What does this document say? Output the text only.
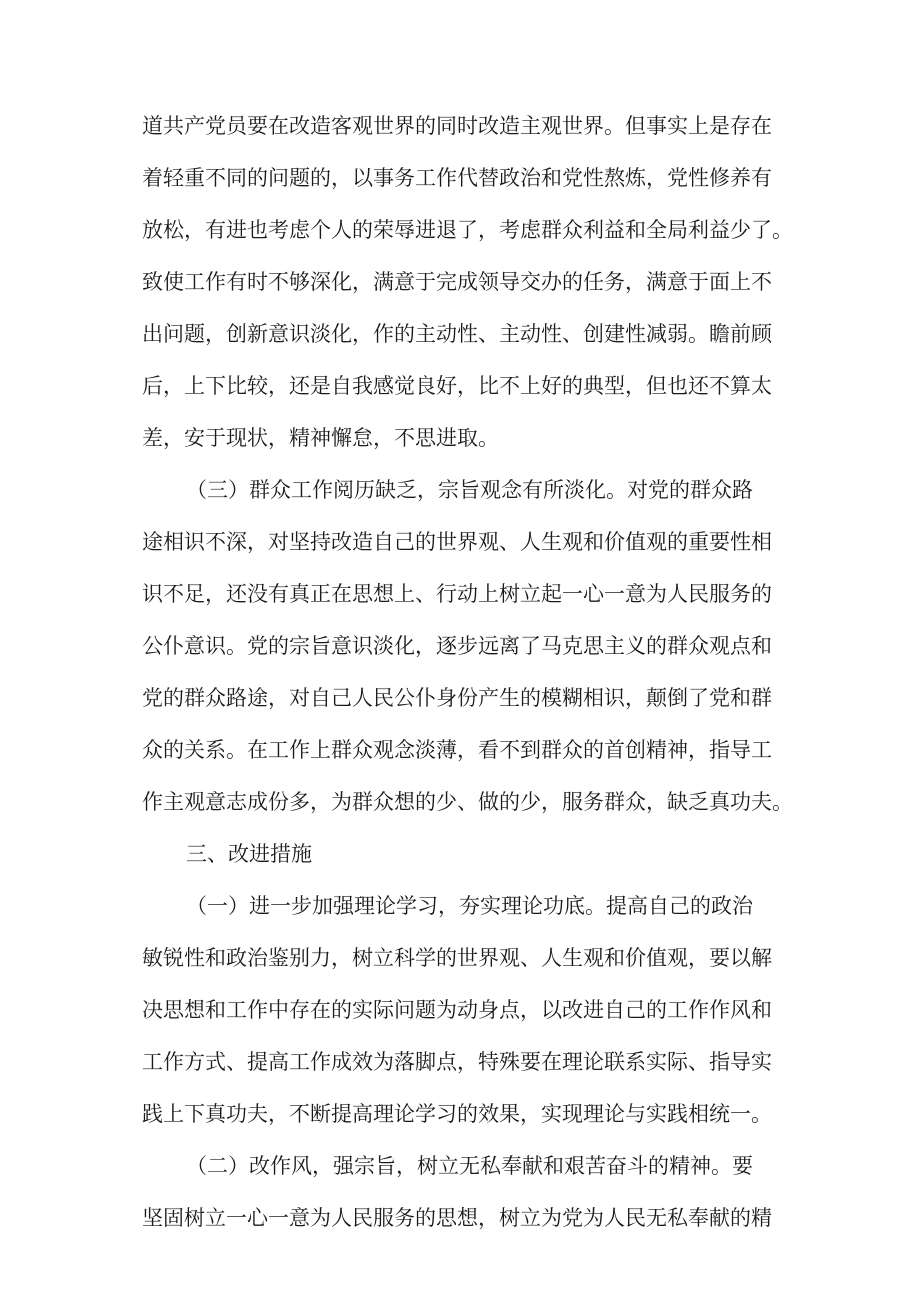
道共产党员要在改造客观世界的同时改造主观世界。但事实上是存在
着轻重不同的问题的，以事务工作代替政治和党性熬炼，党性修养有
放松，有进也考虑个人的荣辱进退了，考虑群众利益和全局利益少了。
致使工作有时不够深化，满意于完成领导交办的任务，满意于面上不
出问题，创新意识淡化，作的主动性、主动性、创建性减弱。瞻前顾
后，上下比较，还是自我感觉良好，比不上好的典型，但也还不算太
差，安于现状，精神懈怠，不思进取。
（三）群众工作阅历缺乏，宗旨观念有所淡化。对党的群众路
途相识不深，对坚持改造自己的世界观、人生观和价值观的重要性相
识不足，还没有真正在思想上、行动上树立起一心一意为人民服务的
公仆意识。党的宗旨意识淡化，逐步远离了马克思主义的群众观点和
党的群众路途，对自己人民公仆身份产生的模糊相识，颠倒了党和群
众的关系。在工作上群众观念淡薄，看不到群众的首创精神，指导工
作主观意志成份多，为群众想的少、做的少，服务群众，缺乏真功夫。
三、改进措施
（一）进一步加强理论学习，夯实理论功底。提高自己的政治
敏锐性和政治鉴别力，树立科学的世界观、人生观和价值观，要以解
决思想和工作中存在的实际问题为动身点，以改进自己的工作作风和
工作方式、提高工作成效为落脚点，特殊要在理论联系实际、指导实
践上下真功夫，不断提高理论学习的效果，实现理论与实践相统一。
（二）改作风，强宗旨，树立无私奉献和艰苦奋斗的精神。要
坚固树立一心一意为人民服务的思想，树立为党为人民无私奉献的精
